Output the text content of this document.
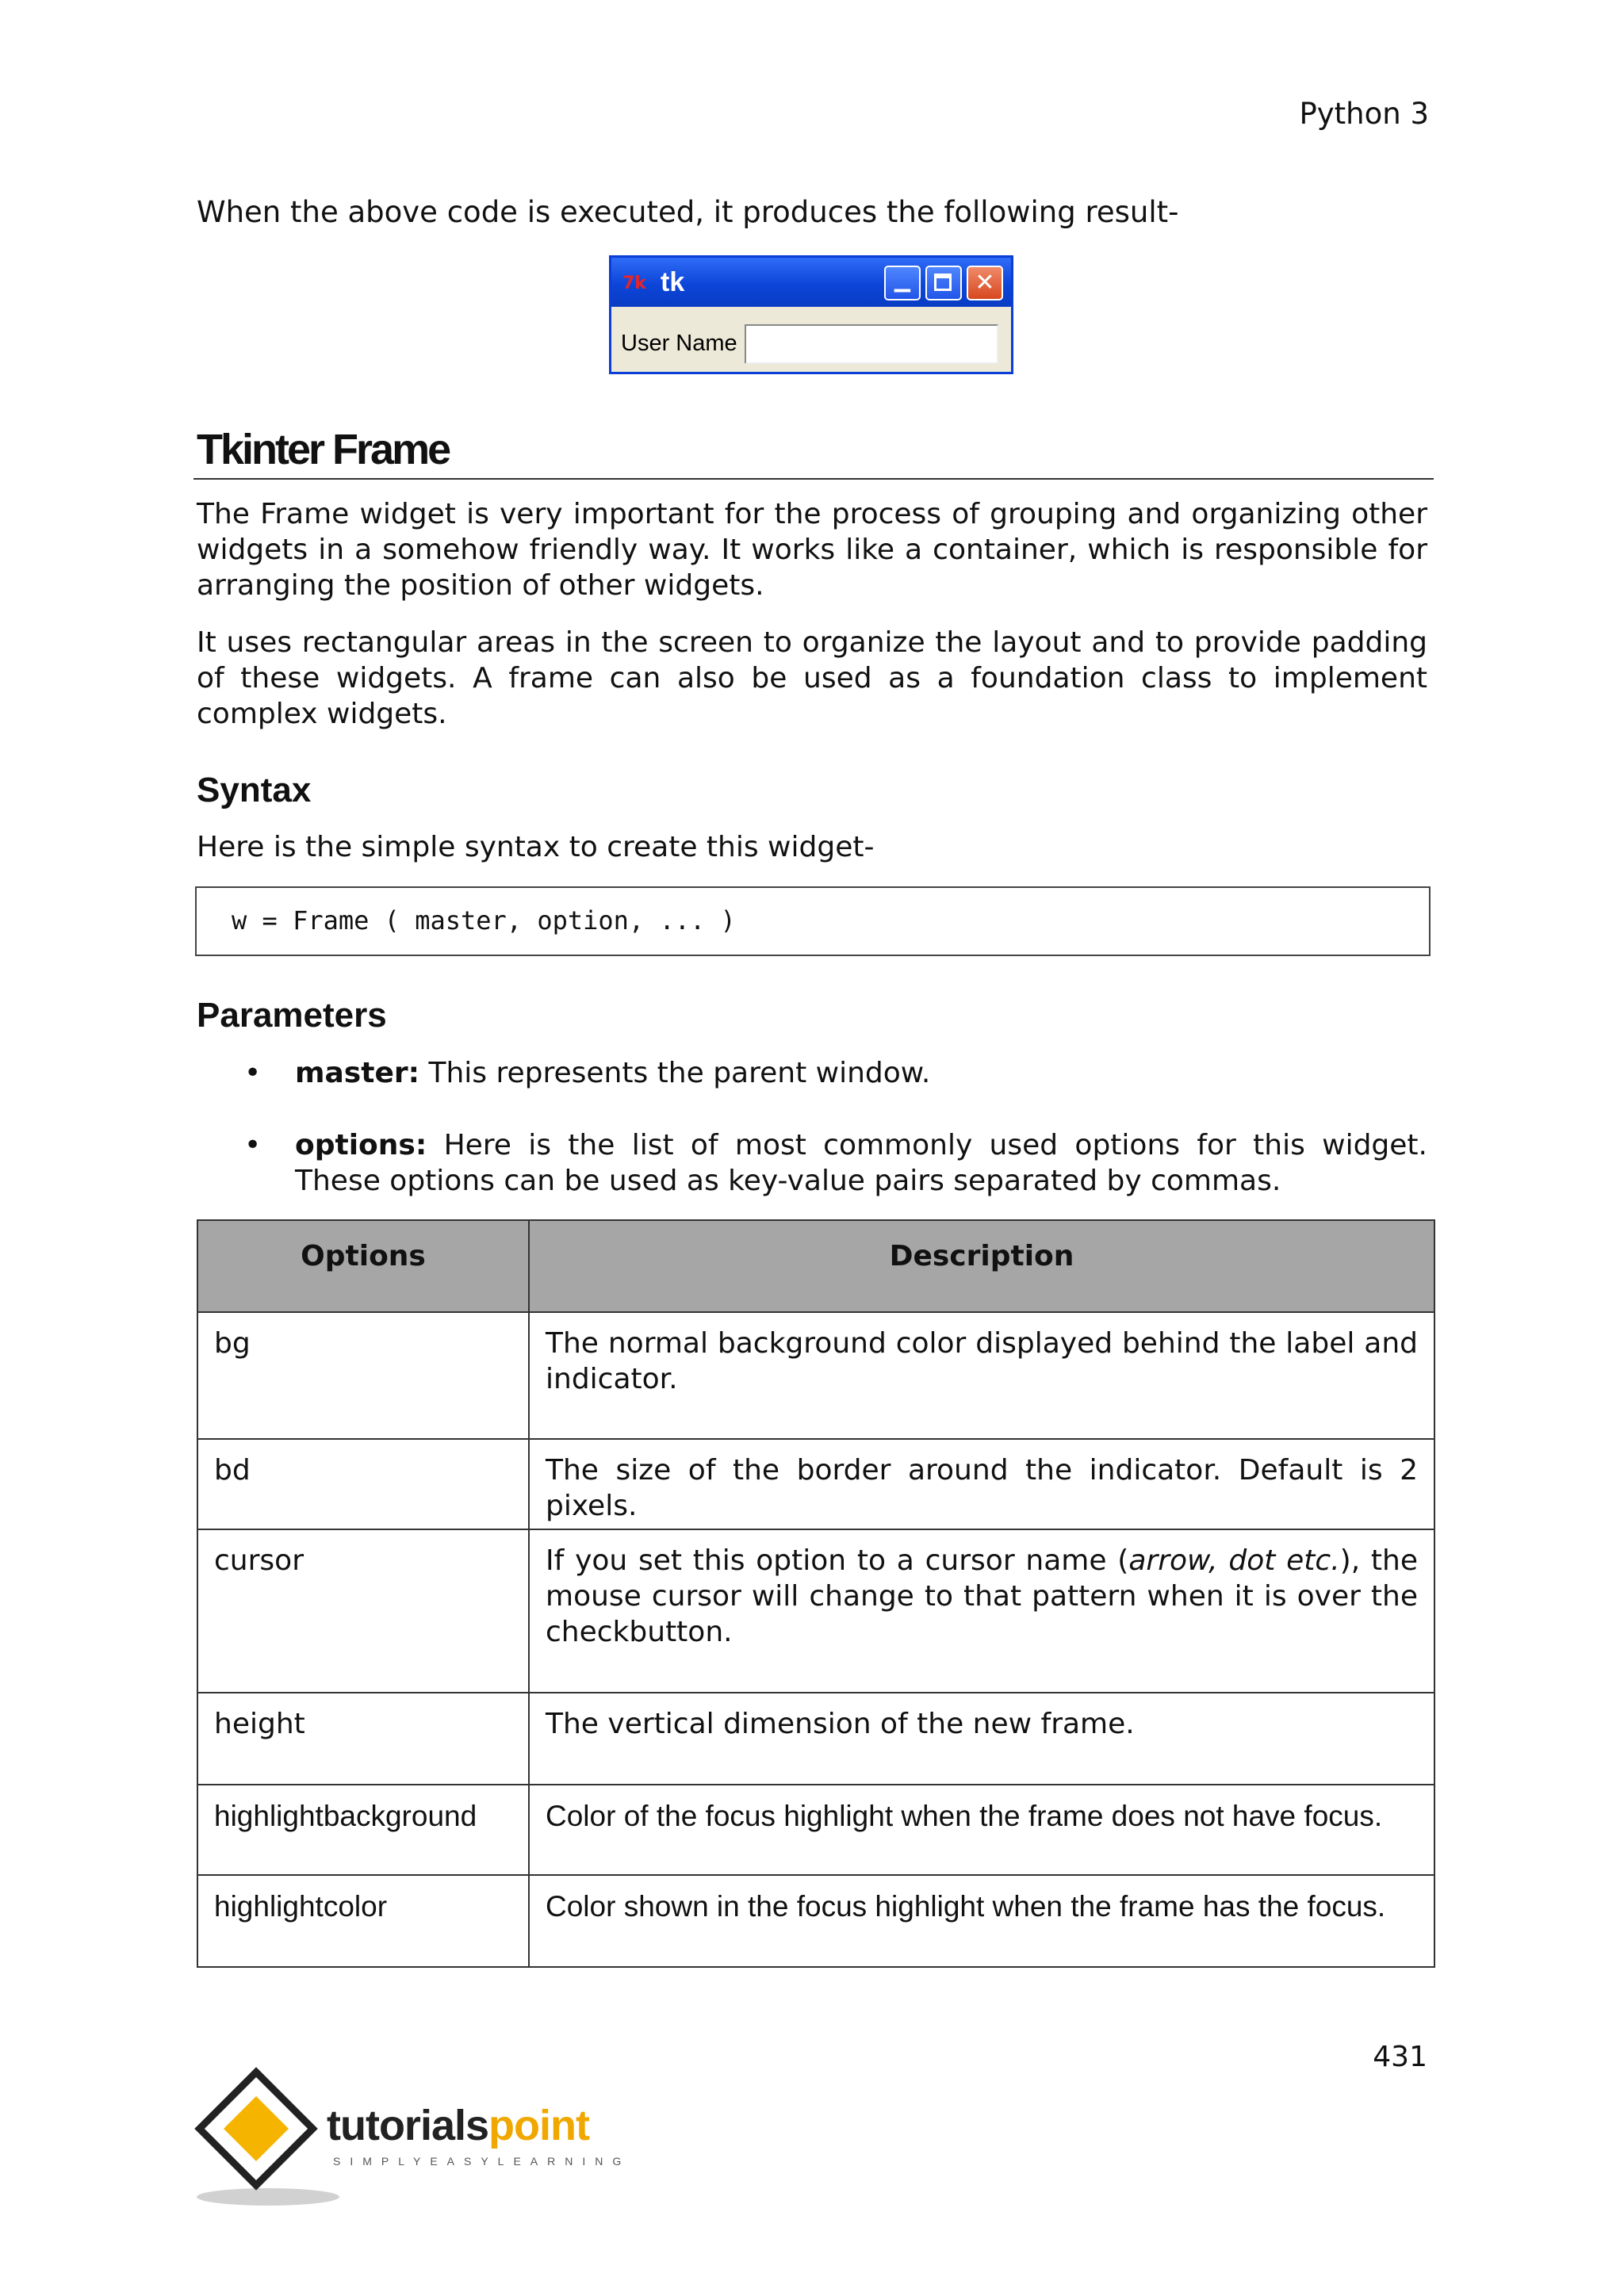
Python 3
When the above code is executed, it produces the following result-
7k tk	▁	✕
User Name
Tkinter Frame

The Frame widget is very important for the process of grouping and organizing other widgets in a somehow friendly way. It works like a container, which is responsible for arranging the position of other widgets.

It uses rectangular areas in the screen to organize the layout and to provide padding of these widgets. A frame can also be used as a foundation class to implement complex widgets.

Syntax
Here is the simple syntax to create this widget-
w = Frame ( master, option, ... )
Parameters
• master: This represents the parent window.

• options: Here is the list of most commonly used options for this widget. These options can be used as key-value pairs separated by commas.

Options	Description
bg	The normal background color displayed behind the label and indicator.
bd	The size of the border around the indicator. Default is 2 pixels.
cursor	If you set this option to a cursor name (arrow, dot etc.), the mouse cursor will change to that pattern when it is over the checkbutton.
height	The vertical dimension of the new frame.
highlightbackground	Color of the focus highlight when the frame does not have focus.
highlightcolor	Color shown in the focus highlight when the frame has the focus.
431
tutorialspoint
SIMPLYEASYLEARNING
